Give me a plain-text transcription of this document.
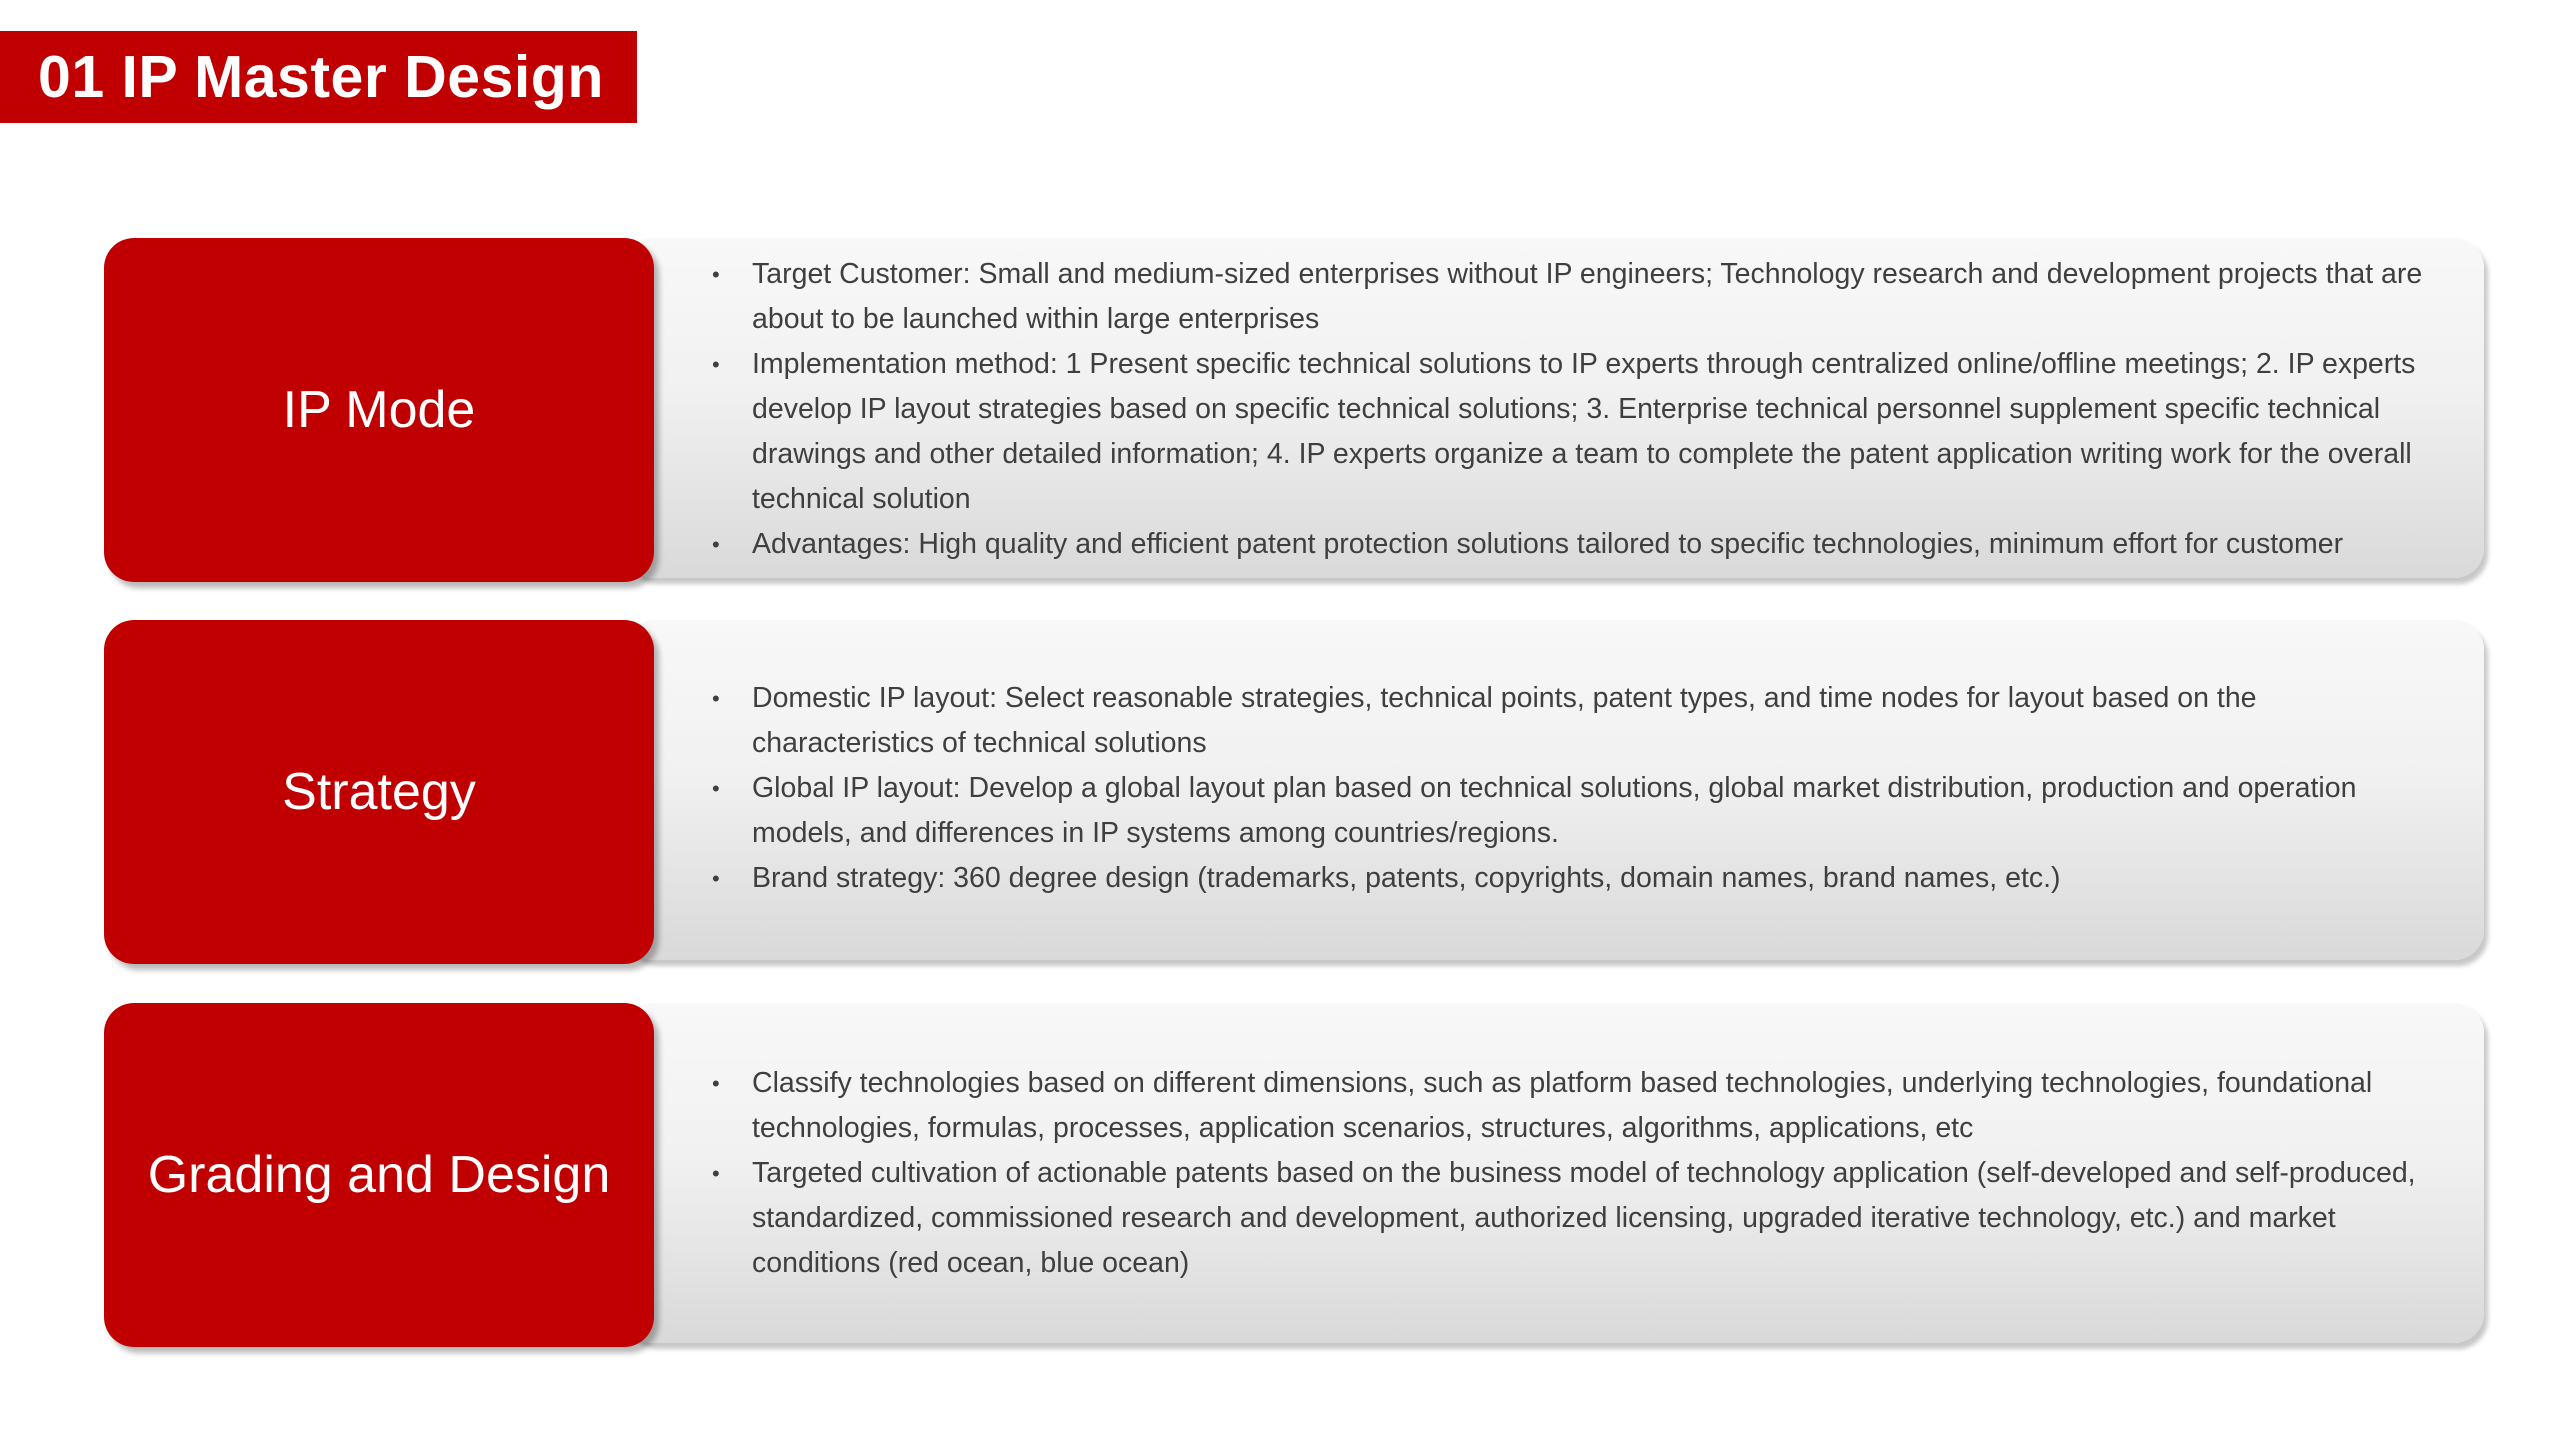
01 IP Master Design
IP Mode
• Target Customer: Small and medium-sized enterprises without IP engineers; Technology research and development projects that are about to be launched within large enterprises
• Implementation method: 1 Present specific technical solutions to IP experts through centralized online/offline meetings; 2. IP experts develop IP layout strategies based on specific technical solutions; 3. Enterprise technical personnel supplement specific technical drawings and other detailed information; 4. IP experts organize a team to complete the patent application writing work for the overall technical solution
• Advantages: High quality and efficient patent protection solutions tailored to specific technologies, minimum effort for customer
Strategy
• Domestic IP layout: Select reasonable strategies, technical points, patent types, and time nodes for layout based on the characteristics of technical solutions
• Global IP layout: Develop a global layout plan based on technical solutions, global market distribution, production and operation models, and differences in IP systems among countries/regions.
• Brand strategy: 360 degree design (trademarks, patents, copyrights, domain names, brand names, etc.)
Grading and Design
• Classify technologies based on different dimensions, such as platform based technologies, underlying technologies, foundational technologies, formulas, processes, application scenarios, structures, algorithms, applications, etc
• Targeted cultivation of actionable patents based on the business model of technology application (self-developed and self-produced, standardized, commissioned research and development, authorized licensing, upgraded iterative technology, etc.) and market conditions (red ocean, blue ocean)
